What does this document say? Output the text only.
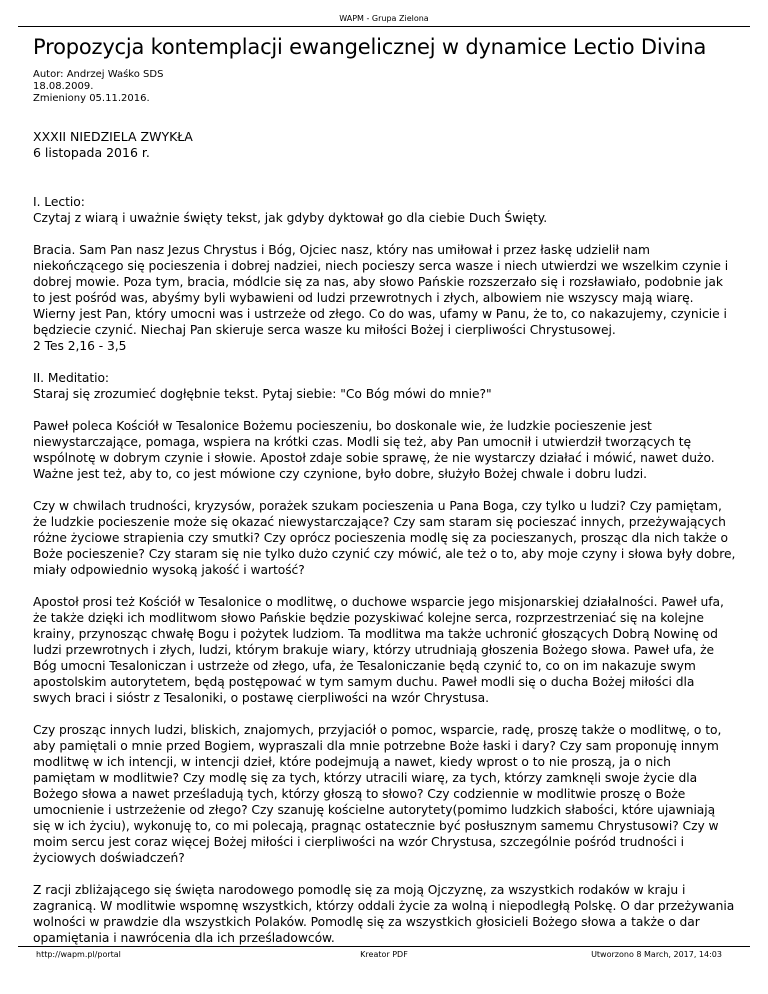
WAPM - Grupa Zielona
Propozycja kontemplacji ewangelicznej w dynamice Lectio Divina
Autor: Andrzej Waśko SDS
18.08.2009.
Zmieniony 05.11.2016.
XXXII NIEDZIELA ZWYKŁA
6 listopada 2016 r.

I. Lectio:

Czytaj z wiarą i uważnie święty tekst, jak gdyby dyktował go dla ciebie Duch Święty.

Bracia. Sam Pan nasz Jezus Chrystus i Bóg, Ojciec nasz, który nas umiłował i przez łaskę udzielił nam niekończącego się pocieszenia i dobrej nadziei, niech pocieszy serca wasze i niech utwierdzi we wszelkim czynie i dobrej mowie. Poza tym, bracia, módlcie się za nas, aby słowo Pańskie rozszerzało się i rozsławiało, podobnie jak to jest pośród was, abyśmy byli wybawieni od ludzi przewrotnych i złych, albowiem nie wszyscy mają wiarę. Wierny jest Pan, który umocni was i ustrzeże od złego. Co do was, ufamy w Panu, że to, co nakazujemy, czynicie i będziecie czynić. Niechaj Pan skieruje serca wasze ku miłości Bożej i cierpliwości Chrystusowej.

2 Tes 2,16 - 3,5

II. Meditatio:

Staraj się zrozumieć dogłębnie tekst. Pytaj siebie: "Co Bóg mówi do mnie?"

Paweł poleca Kościół w Tesalonice Bożemu pocieszeniu, bo doskonale wie, że ludzkie pocieszenie jest niewystarczające, pomaga, wspiera na krótki czas. Modli się też, aby Pan umocnił i utwierdził tworzących tę wspólnotę w dobrym czynie i słowie. Apostoł zdaje sobie sprawę, że nie wystarczy działać i mówić, nawet dużo. Ważne jest też, aby to, co jest mówione czy czynione, było dobre, służyło Bożej chwale i dobru ludzi.

Czy w chwilach trudności, kryzysów, porażek szukam pocieszenia u Pana Boga, czy tylko u ludzi? Czy pamiętam, że ludzkie pocieszenie może się okazać niewystarczające? Czy sam staram się pocieszać innych, przeżywających różne życiowe strapienia czy smutki? Czy oprócz pocieszenia modlę się za pocieszanych, prosząc dla nich także o Boże pocieszenie? Czy staram się nie tylko dużo czynić czy mówić, ale też o to, aby moje czyny i słowa były dobre, miały odpowiednio wysoką jakość i wartość?

Apostoł prosi też Kościół w Tesalonice o modlitwę, o duchowe wsparcie jego misjonarskiej działalności. Paweł ufa, że także dzięki ich modlitwom słowo Pańskie będzie pozyskiwać kolejne serca, rozprzestrzeniać się na kolejne krainy, przynosząc chwałę Bogu i pożytek ludziom. Ta modlitwa ma także uchronić głoszących Dobrą Nowinę od ludzi przewrotnych i złych, ludzi, którym brakuje wiary, którzy utrudniają głoszenia Bożego słowa. Paweł ufa, że Bóg umocni Tesaloniczan i ustrzeże od złego, ufa, że Tesaloniczanie będą czynić to, co on im nakazuje swym apostolskim autorytetem, będą postępować w tym samym duchu. Paweł modli się o ducha Bożej miłości dla swych braci i sióstr z Tesaloniki, o postawę cierpliwości na wzór Chrystusa.

Czy prosząc innych ludzi, bliskich, znajomych, przyjaciół o pomoc, wsparcie, radę, proszę także o modlitwę, o to, aby pamiętali o mnie przed Bogiem, wypraszali dla mnie potrzebne Boże łaski i dary? Czy sam proponuję innym modlitwę w ich intencji, w intencji dzieł, które podejmują a nawet, kiedy wprost o to nie proszą, ja o nich pamiętam w modlitwie? Czy modlę się za tych, którzy utracili wiarę, za tych, którzy zamknęli swoje życie dla Bożego słowa a nawet prześladują tych, którzy głoszą to słowo? Czy codziennie w modlitwie proszę o Boże umocnienie i ustrzeżenie od złego? Czy szanuję kościelne autorytety(pomimo ludzkich słabości, które ujawniają się w ich życiu), wykonuję to, co mi polecają, pragnąc ostatecznie być posłusznym samemu Chrystusowi? Czy w moim sercu jest coraz więcej Bożej miłości i cierpliwości na wzór Chrystusa, szczególnie pośród trudności i życiowych doświadczeń?

Z racji zbliżającego się święta narodowego pomodlę się za moją Ojczyznę, za wszystkich rodaków w kraju i zagranicą. W modlitwie wspomnę wszystkich, którzy oddali życie za wolną i niepodległą Polskę. O dar przeżywania wolności w prawdzie dla wszystkich Polaków. Pomodlę się za wszystkich głosicieli Bożego słowa a także o dar opamiętania i nawrócenia dla ich prześladowców.

Kreator PDF
http://wapm.pl/portal	Utworzono 8 March, 2017, 14:03
